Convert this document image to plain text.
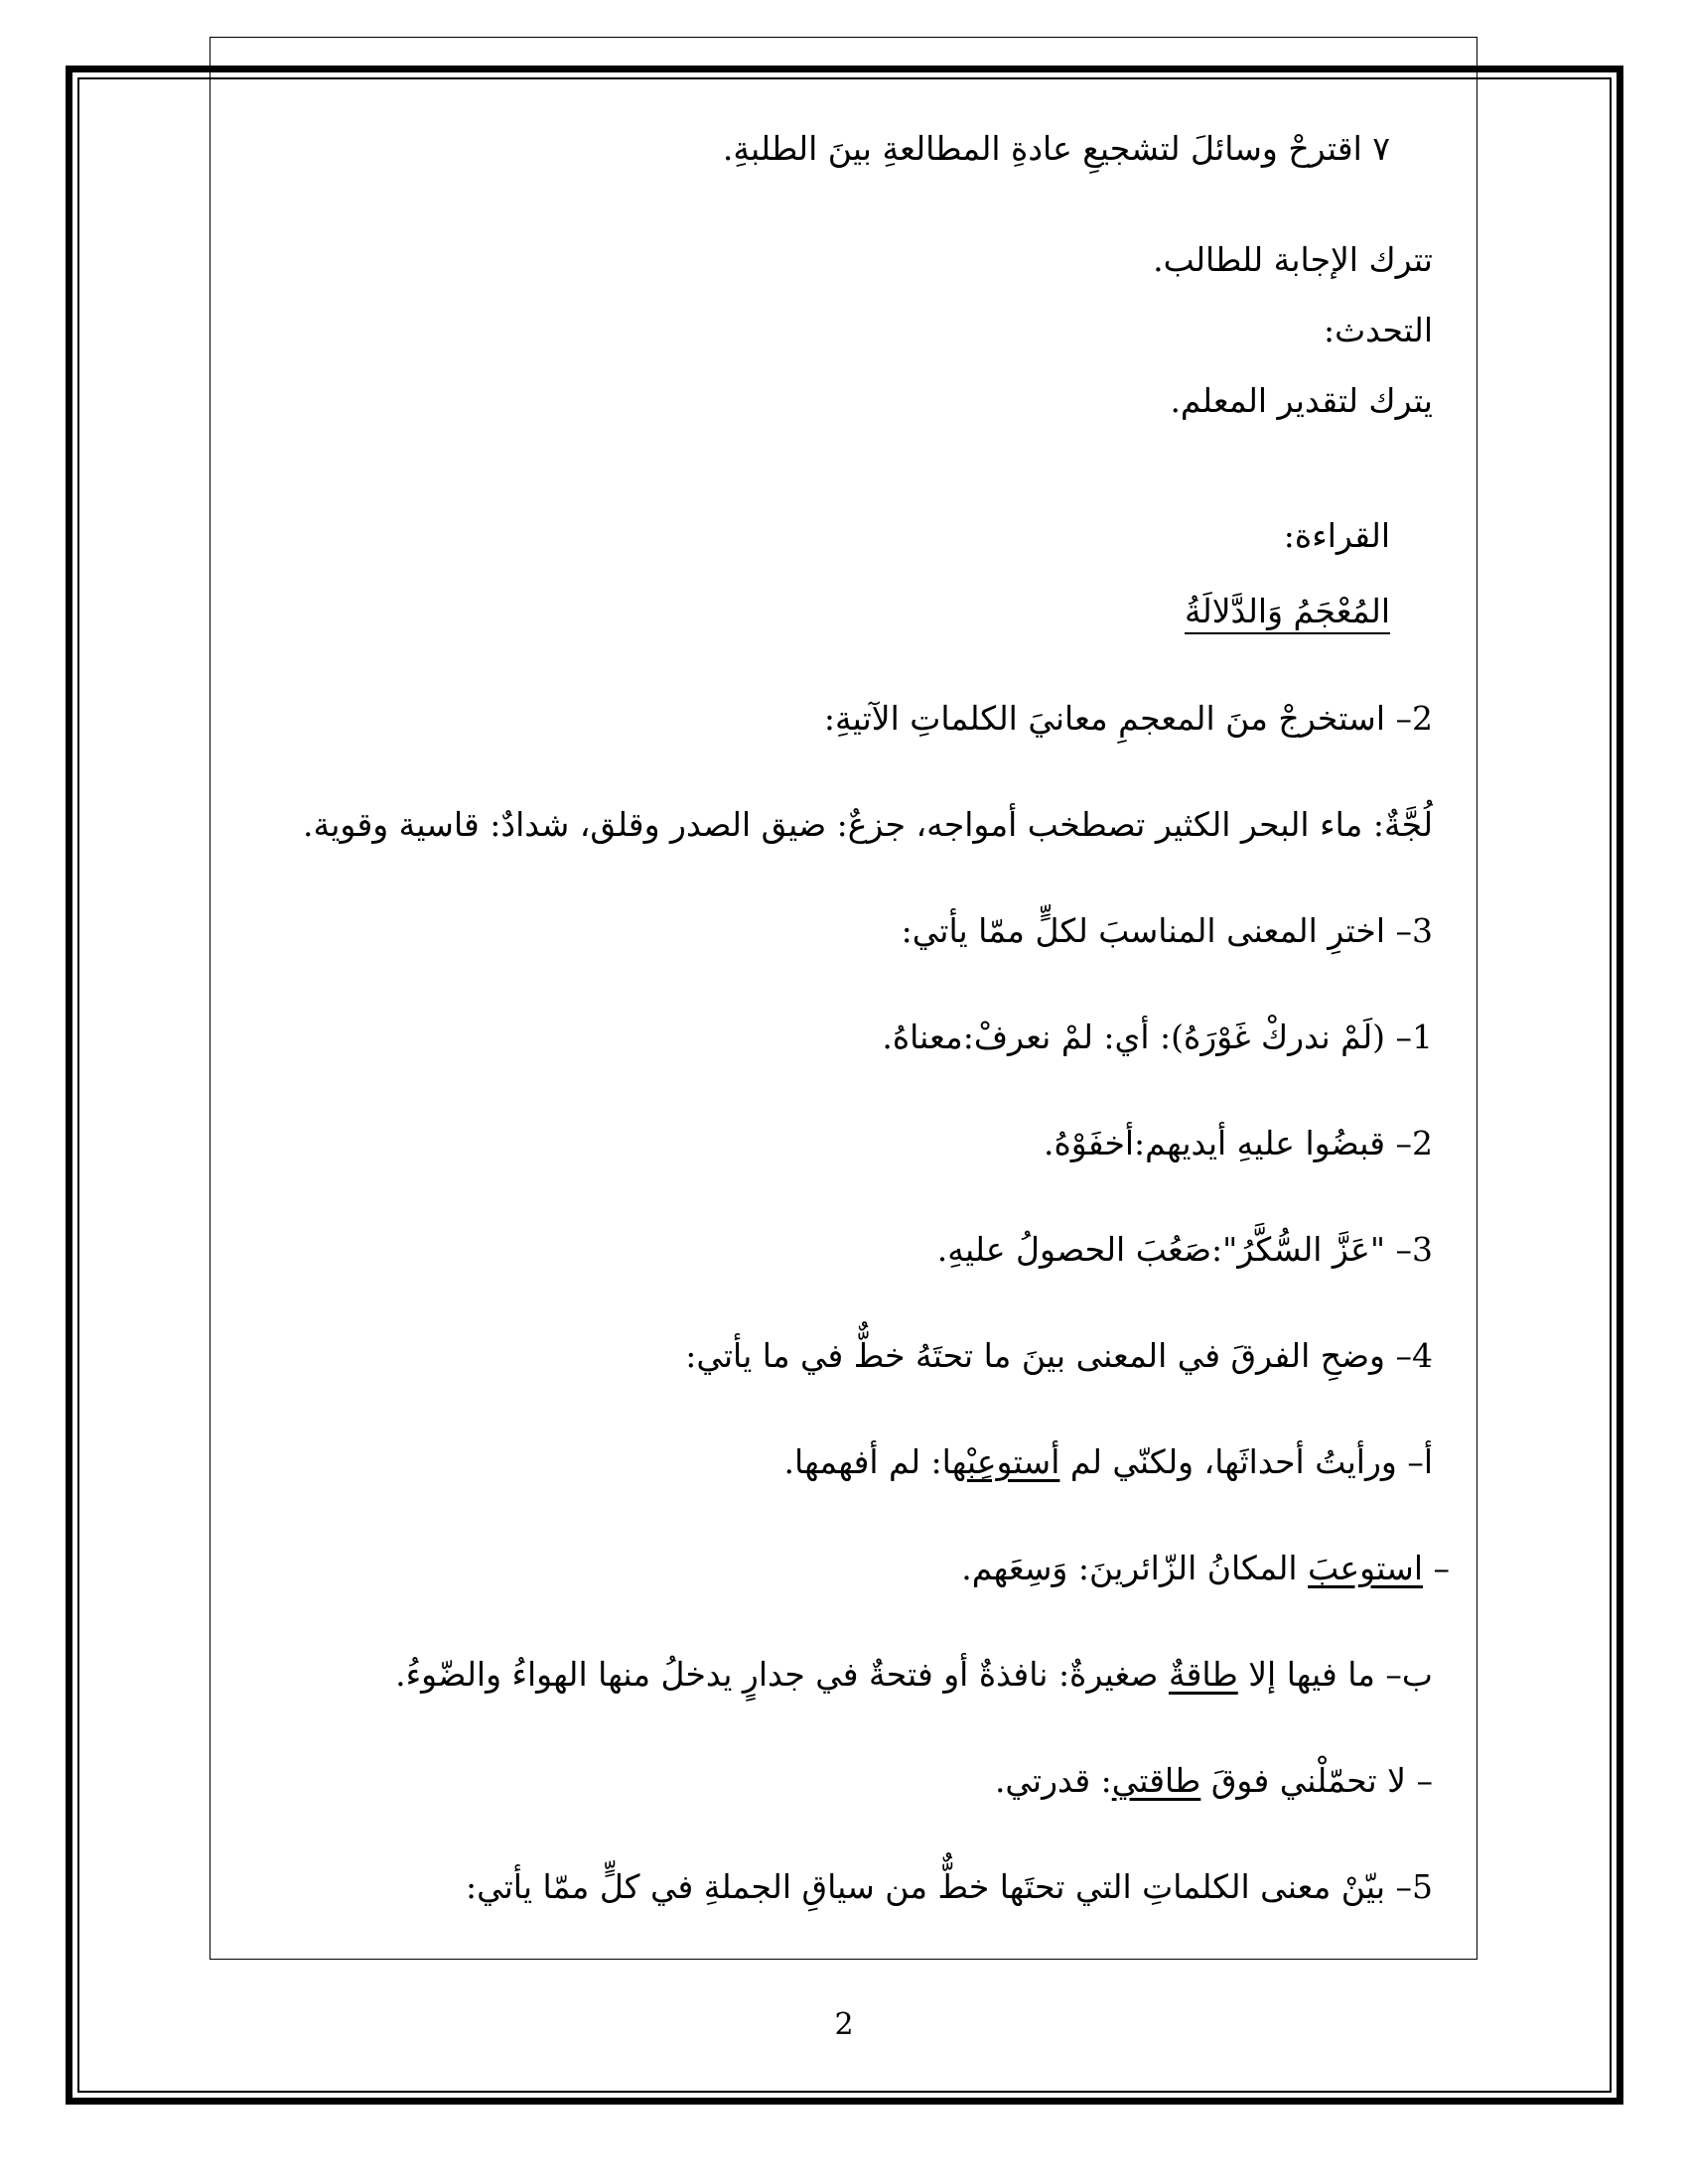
٧ اقترحْ وسائلَ لتشجيعِ عادةِ المطالعةِ بينَ الطلبةِ.
تترك الإجابة للطالب.
التحدث:
يترك لتقدير المعلم.
القراءة:
المُعْجَمُ وَالدَّلالَةُ
2– استخرجْ منَ المعجمِ معانيَ الكلماتِ الآتيةِ:
لُجَّةٌ: ماء البحر الكثير تصطخب أمواجه، جزعٌ: ضيق الصدر وقلق، شدادٌ: قاسية وقوية.
3– اخترِ المعنى المناسبَ لكلٍّ ممّا يأتي:
1– (لَمْ ندركْ غَوْرَهُ): أي: لمْ نعرفْ:معناهُ.
2– قبضُوا عليهِ أيديهم:أخفَوْهُ.
3– "عَزَّ السُّكَّرُ":صَعُبَ الحصولُ عليهِ.
4– وضحِ الفرقَ في المعنى بينَ ما تحتَهُ خطٌّ في ما يأتي:
أ– ورأيتُ أحداثَها، ولكنّي لم أستوعِبْها: لم أفهمها.
– استوعبَ المكانُ الزّائرينَ: وَسِعَهم.
ب– ما فيها إلا طاقةٌ صغيرةٌ: نافذةٌ أو فتحةٌ في جدارٍ يدخلُ منها الهواءُ والضّوءُ.
– لا تحمّلْني فوقَ طاقتي: قدرتي.
5– بيّنْ معنى الكلماتِ التي تحتَها خطٌّ من سياقِ الجملةِ في كلٍّ ممّا يأتي:
2
